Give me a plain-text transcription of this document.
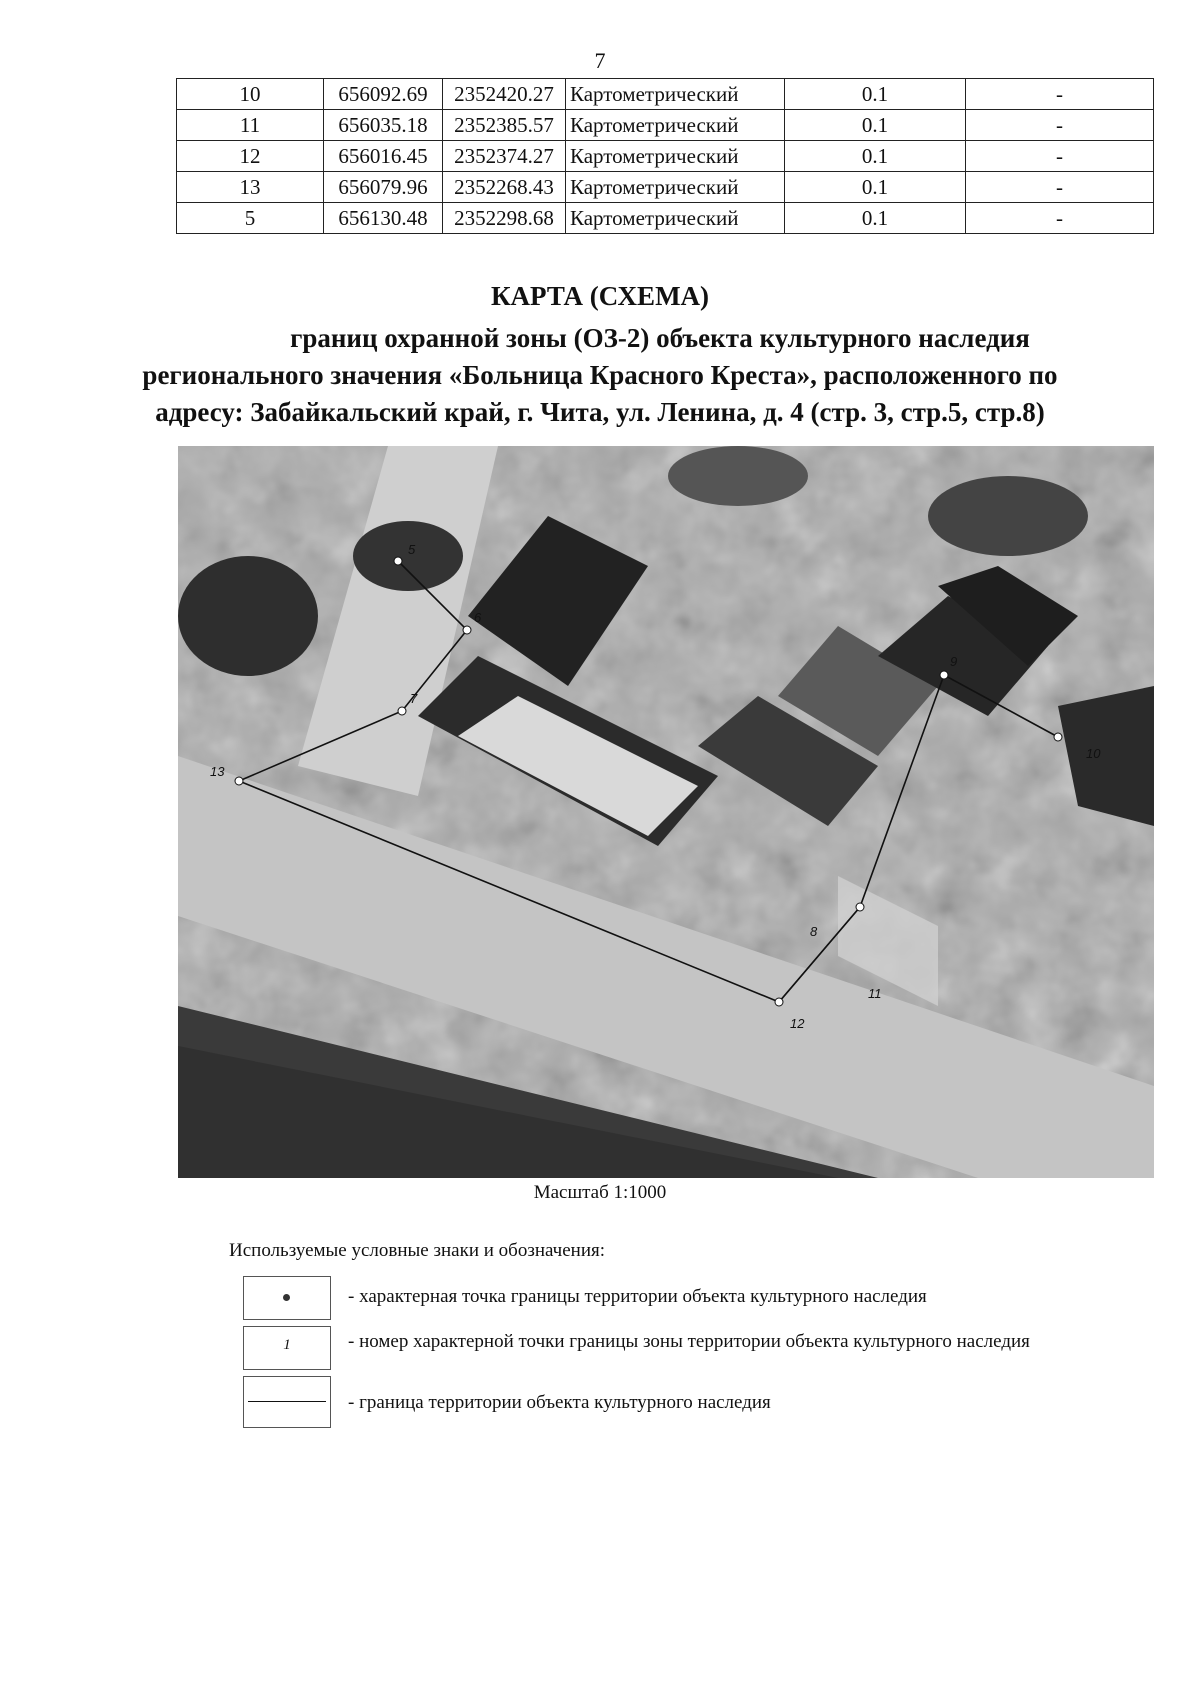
7
10	656092.69	2352420.27	Картометрический	0.1	-
11	656035.18	2352385.57	Картометрический	0.1	-
12	656016.45	2352374.27	Картометрический	0.1	-
13	656079.96	2352268.43	Картометрический	0.1	-
5	656130.48	2352298.68	Картометрический	0.1	-
КАРТА (СХЕМА)
границ охранной зоны (ОЗ-2) объекта культурного наследия
регионального значения «Больница Красного Креста», расположенного по
адресу: Забайкальский край, г. Чита, ул. Ленина, д. 4 (стр. 3, стр.5, стр.8)
5
6
7
8
9
10
11
12
13
Масштаб 1:1000
Используемые условные знаки и обозначения:
- характерная точка границы территории объекта культурного наследия
1	- номер характерной точки границы зоны территории объекта культурного наследия
- граница территории объекта культурного наследия
